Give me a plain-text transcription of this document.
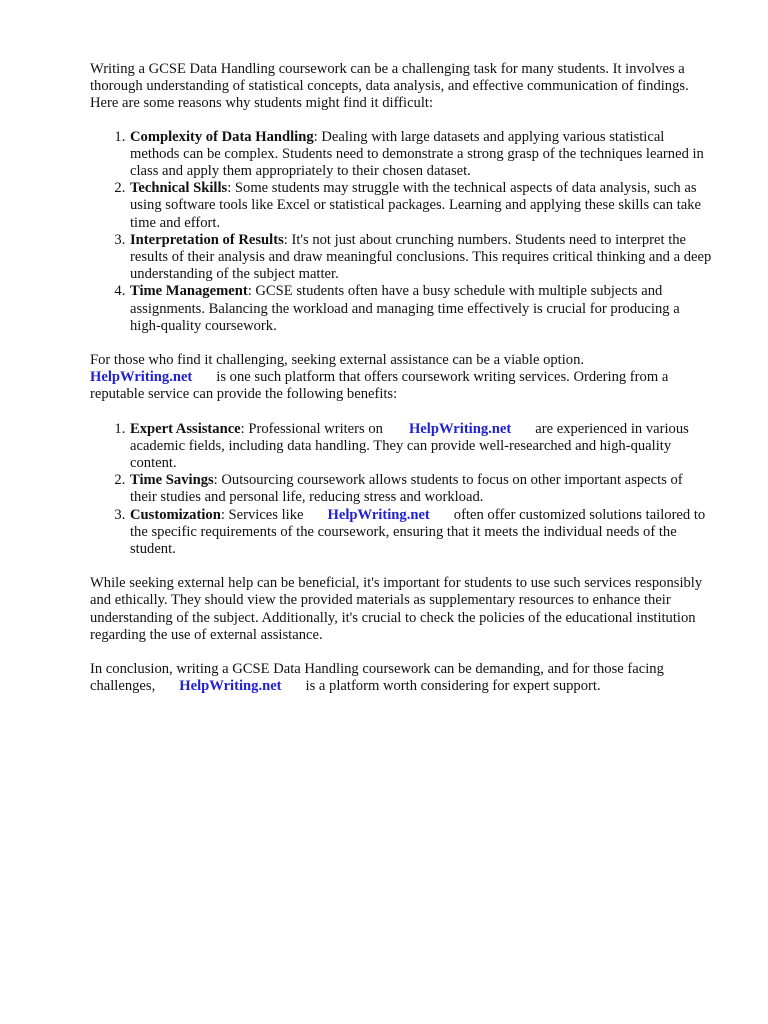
Writing a GCSE Data Handling coursework can be a challenging task for many students. It involves a thorough understanding of statistical concepts, data analysis, and effective communication of findings. Here are some reasons why students might find it difficult:

1. Complexity of Data Handling: Dealing with large datasets and applying various statistical methods can be complex. Students need to demonstrate a strong grasp of the techniques learned in class and apply them appropriately to their chosen dataset.
2. Technical Skills: Some students may struggle with the technical aspects of data analysis, such as using software tools like Excel or statistical packages. Learning and applying these skills can take time and effort.
3. Interpretation of Results: It's not just about crunching numbers. Students need to interpret the results of their analysis and draw meaningful conclusions. This requires critical thinking and a deep understanding of the subject matter.
4. Time Management: GCSE students often have a busy schedule with multiple subjects and assignments. Balancing the workload and managing time effectively is crucial for producing a high-quality coursework.

For those who find it challenging, seeking external assistance can be a viable option.
HelpWriting.net is one such platform that offers coursework writing services. Ordering from a reputable service can provide the following benefits:

1. Expert Assistance: Professional writers on HelpWriting.net are experienced in various academic fields, including data handling. They can provide well-researched and high-quality content.
2. Time Savings: Outsourcing coursework allows students to focus on other important aspects of their studies and personal life, reducing stress and workload.
3. Customization: Services like HelpWriting.net often offer customized solutions tailored to the specific requirements of the coursework, ensuring that it meets the individual needs of the student.

While seeking external help can be beneficial, it's important for students to use such services responsibly and ethically. They should view the provided materials as supplementary resources to enhance their understanding of the subject. Additionally, it's crucial to check the policies of the educational institution regarding the use of external assistance.

In conclusion, writing a GCSE Data Handling coursework can be demanding, and for those facing challenges, HelpWriting.net is a platform worth considering for expert support.
